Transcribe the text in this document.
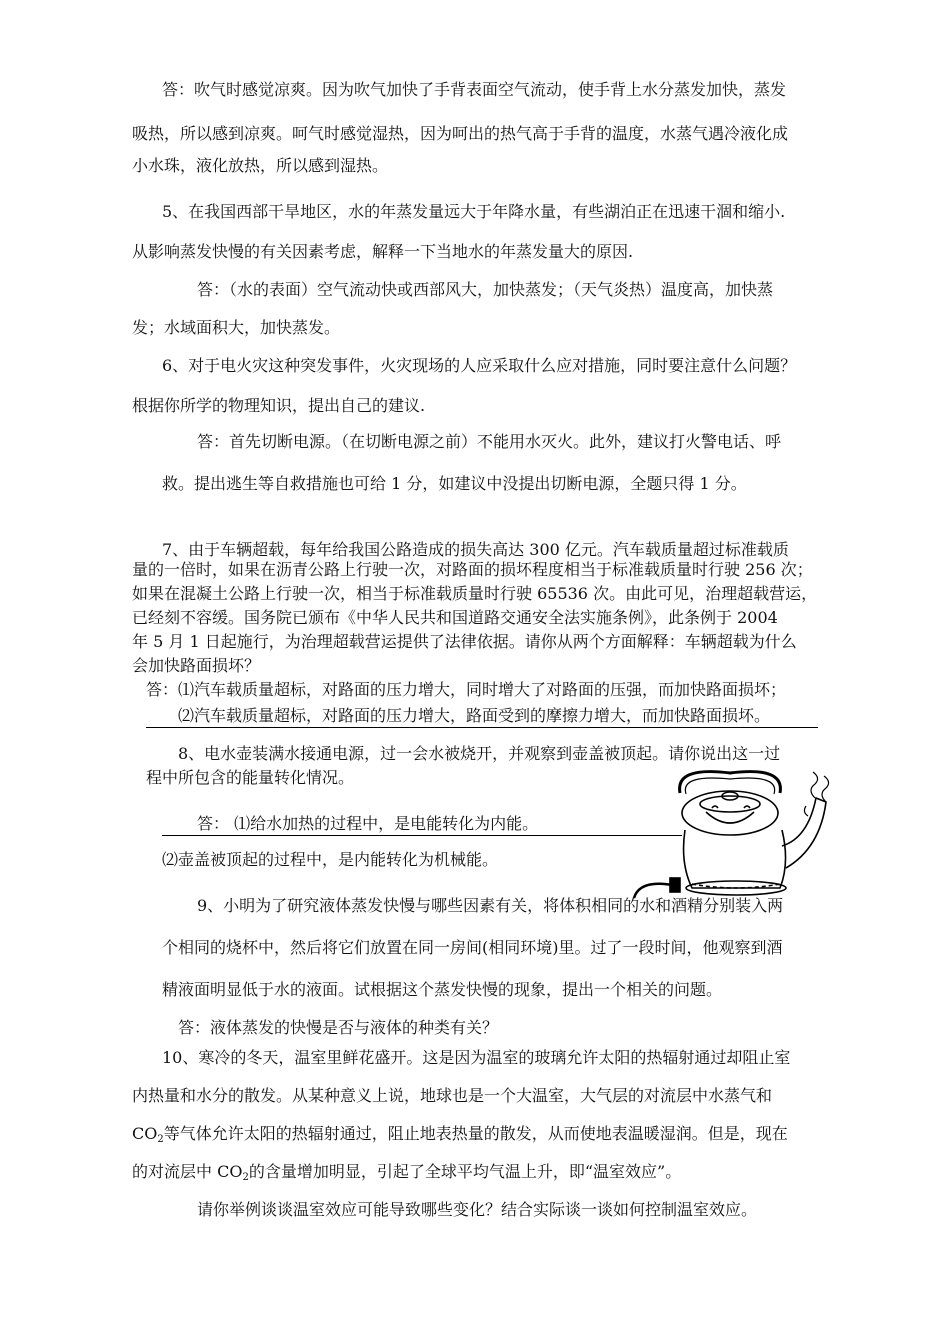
答：吹气时感觉凉爽。因为吹气加快了手背表面空气流动，使手背上水分蒸发加快，蒸发
吸热，所以感到凉爽。呵气时感觉湿热，因为呵出的热气高于手背的温度，水蒸气遇冷液化成
小水珠，液化放热，所以感到湿热。
5、在我国西部干旱地区，水的年蒸发量远大于年降水量，有些湖泊正在迅速干涸和缩小.
从影响蒸发快慢的有关因素考虑，解释一下当地水的年蒸发量大的原因.
答：（水的表面）空气流动快或西部风大，加快蒸发；（天气炎热）温度高，加快蒸
发；水域面积大，加快蒸发。
6、对于电火灾这种突发事件，火灾现场的人应采取什么应对措施，同时要注意什么问题？
根据你所学的物理知识，提出自己的建议.
答：首先切断电源。（在切断电源之前）不能用水灭火。此外，建议打火警电话、呼
救。提出逃生等自救措施也可给 1 分，如建议中没提出切断电源，全题只得 1 分。
7、由于车辆超载，每年给我国公路造成的损失高达 300 亿元。汽车载质量超过标准载质
量的一倍时，如果在沥青公路上行驶一次，对路面的损坏程度相当于标准载质量时行驶 256 次；
如果在混凝土公路上行驶一次，相当于标准载质量时行驶 65536 次。由此可见，治理超载营运，
已经刻不容缓。国务院已颁布《中华人民共和国道路交通安全法实施条例》，此条例于 2004
年 5 月 1 日起施行，为治理超载营运提供了法律依据。请你从两个方面解释：车辆超载为什么
会加快路面损坏？
答：⑴汽车载质量超标，对路面的压力增大，同时增大了对路面的压强，而加快路面损坏；
⑵汽车载质量超标，对路面的压力增大，路面受到的摩擦力增大，而加快路面损坏。
8、电水壶装满水接通电源，过一会水被烧开，并观察到壶盖被顶起。请你说出这一过
程中所包含的能量转化情况。
答： ⑴给水加热的过程中，是电能转化为内能。
⑵壶盖被顶起的过程中，是内能转化为机械能。
9、小明为了研究液体蒸发快慢与哪些因素有关，将体积相同的水和酒精分别装入两
个相同的烧杯中，然后将它们放置在同一房间(相同环境)里。过了一段时间，他观察到酒
精液面明显低于水的液面。试根据这个蒸发快慢的现象，提出一个相关的问题。
答：液体蒸发的快慢是否与液体的种类有关？
10、寒冷的冬天，温室里鲜花盛开。这是因为温室的玻璃允许太阳的热辐射通过却阻止室
内热量和水分的散发。从某种意义上说，地球也是一个大温室，大气层的对流层中水蒸气和
$CO_2$等气体允许太阳的热辐射通过，阻止地表热量的散发，从而使地表温暖湿润。但是，现在
的对流层中 $CO_2$的含量增加明显，引起了全球平均气温上升，即“温室效应”。
请你举例谈谈温室效应可能导致哪些变化？结合实际谈一谈如何控制温室效应。
